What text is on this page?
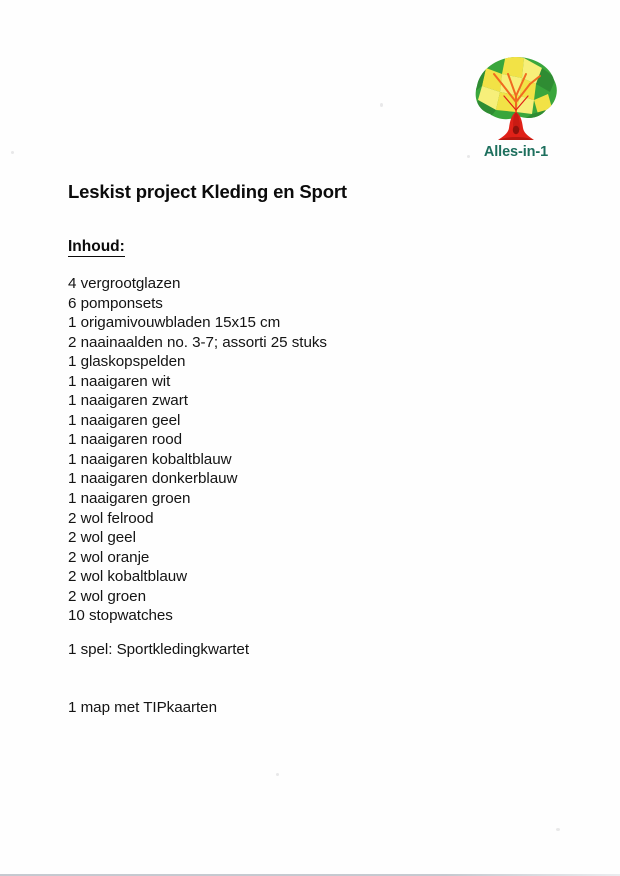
Alles-in-1
Leskist project Kleding en Sport
Inhoud:
4 vergrootglazen
6 pomponsets
1 origamivouwbladen 15x15 cm
2 naainaalden no. 3-7; assorti 25 stuks
1 glaskopspelden
1 naaigaren wit
1 naaigaren zwart
1 naaigaren geel
1 naaigaren rood
1 naaigaren kobaltblauw
1 naaigaren donkerblauw
1 naaigaren groen
2 wol felrood
2 wol geel
2 wol oranje
2 wol kobaltblauw
2 wol groen
10 stopwatches
1 spel: Sportkledingkwartet
1 map met TIPkaarten
